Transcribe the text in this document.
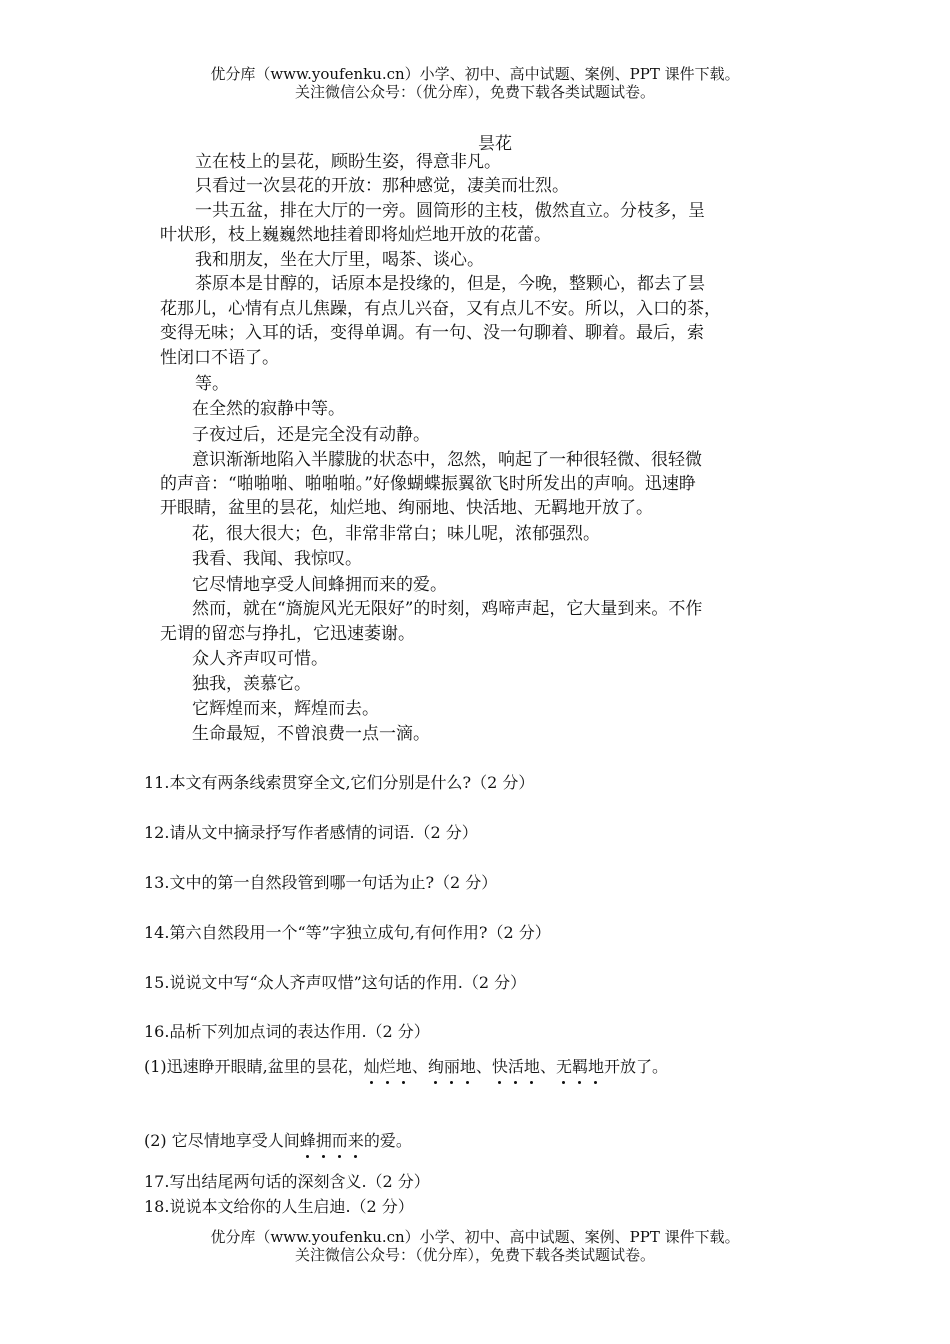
优分库（www.youfenku.cn）小学、初中、高中试题、案例、PPT 课件下载。
关注微信公众号：（优分库），免费下载各类试题试卷。
昙花
立在枝上的昙花，顾盼生姿，得意非凡。
只看过一次昙花的开放：那种感觉，凄美而壮烈。
一共五盆，排在大厅的一旁。圆筒形的主枝，傲然直立。分枝多，呈
叶状形，枝上巍巍然地挂着即将灿烂地开放的花蕾。
我和朋友，坐在大厅里，喝茶、谈心。
茶原本是甘醇的，话原本是投缘的，但是，今晚，整颗心，都去了昙
花那儿，心情有点儿焦躁，有点儿兴奋，又有点儿不安。所以，入口的茶，
变得无味；入耳的话，变得单调。有一句、没一句聊着、聊着。最后，索
性闭口不语了。
等。
在全然的寂静中等。
子夜过后，还是完全没有动静。
意识渐渐地陷入半朦胧的状态中，忽然，响起了一种很轻微、很轻微
的声音：“啪啪啪、啪啪啪。”好像蝴蝶振翼欲飞时所发出的声响。迅速睁
开眼睛，盆里的昙花，灿烂地、绚丽地、快活地、无羁地开放了。
花，很大很大；色，非常非常白；味儿呢，浓郁强烈。
我看、我闻、我惊叹。
它尽情地享受人间蜂拥而来的爱。
然而，就在“旖旎风光无限好”的时刻，鸡啼声起，它大量到来。不作
无谓的留恋与挣扎，它迅速萎谢。
众人齐声叹可惜。
独我，羡慕它。
它辉煌而来，辉煌而去。
生命最短，不曾浪费一点一滴。
11.本文有两条线索贯穿全文,它们分别是什么?（2 分）
12.请从文中摘录抒写作者感情的词语.（2 分）
13.文中的第一自然段管到哪一句话为止?（2 分）
14.第六自然段用一个“等”字独立成句,有何作用?（2 分）
15.说说文中写“众人齐声叹惜”这句话的作用.（2 分）
16.品析下列加点词的表达作用.（2 分）
(1)迅速睁开眼睛,盆里的昙花，灿烂地、绚丽地、快活地、无羁地开放了。
(2) 它尽情地享受人间蜂拥而来的爱。
17.写出结尾两句话的深刻含义.（2 分）
18.说说本文给你的人生启迪.（2 分）
优分库（www.youfenku.cn）小学、初中、高中试题、案例、PPT 课件下载。
关注微信公众号：（优分库），免费下载各类试题试卷。
